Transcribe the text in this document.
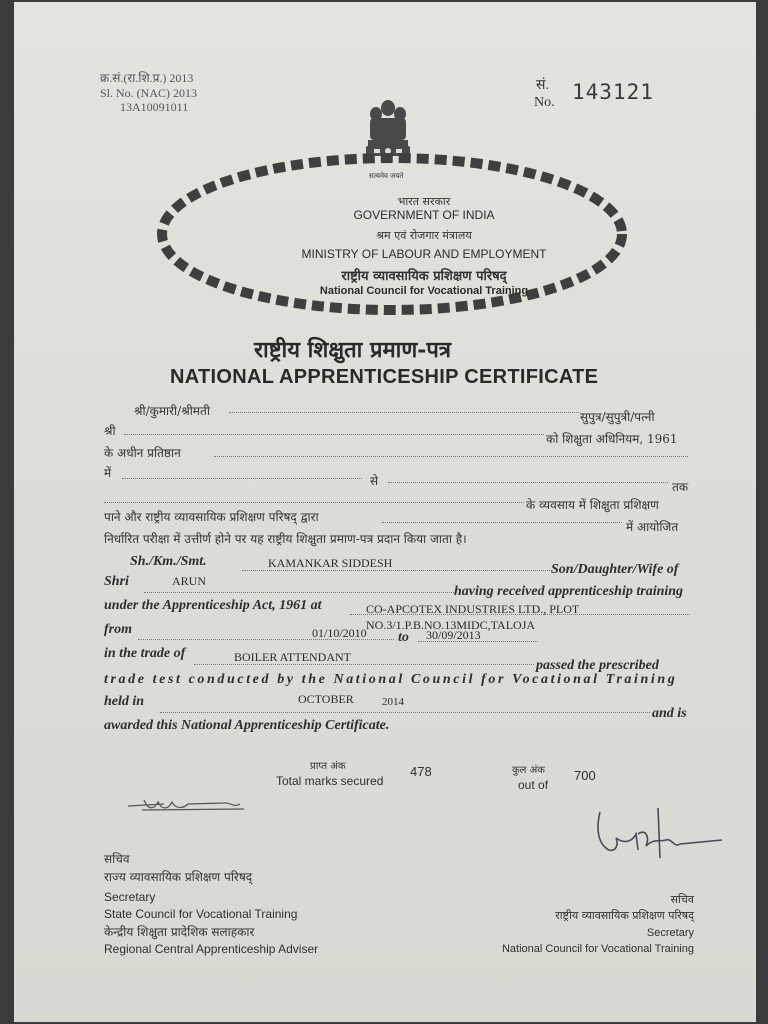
क्र.सं.(रा.शि.प्र.) 2013
Sl. No. (NAC) 2013
13A10091011
सं.
No. 143121
सत्यमेव जयते
भारत सरकार
GOVERNMENT OF INDIA
श्रम एवं रोजगार मंत्रालय
MINISTRY OF LABOUR AND EMPLOYMENT
राष्ट्रीय व्यावसायिक प्रशिक्षण परिषद्
National Council for Vocational Training
राष्ट्रीय शिक्षुता प्रमाण-पत्र
NATIONAL APPRENTICESHIP CERTIFICATE
श्री/कुमारी/श्रीमती	सुपुत्र/सुपुत्री/पत्नी
श्री
को शिक्षुता अधिनियम, 1961
के अधीन प्रतिष्ठान
में
से	तक
के व्यवसाय में शिक्षुता प्रशिक्षण
पाने और राष्ट्रीय व्यावसायिक प्रशिक्षण परिषद् द्वारा
में आयोजित
निर्धारित परीक्षा में उत्तीर्ण होने पर यह राष्ट्रीय शिक्षुता प्रमाण-पत्र प्रदान किया जाता है।
Sh./Km./Smt.	KAMANKAR SIDDESH	Son/Daughter/Wife of
Shri	ARUN
having received apprenticeship training
under the Apprenticeship Act, 1961 at	CO-APCOTEX INDUSTRIES LTD., PLOT
NO.3/1.P.B.NO.13MIDC,TALOJA
from	01/10/2010 to 30/09/2013
in the trade of	BOILER ATTENDANT
passed the prescribed
trade test conducted by the National Council for Vocational Training
held in	OCTOBER	2014
and is
awarded this National Apprenticeship Certificate.
प्राप्त अंक
Total marks secured
478	कुल अंक
out of
700
सचिव
राज्य व्यावसायिक प्रशिक्षण परिषद्
Secretary
State Council for Vocational Training
केन्द्रीय शिक्षुता प्रादेशिक सलाहकार
Regional Central Apprenticeship Adviser
सचिव
राष्ट्रीय व्यावसायिक प्रशिक्षण परिषद्
Secretary
National Council for Vocational Training
